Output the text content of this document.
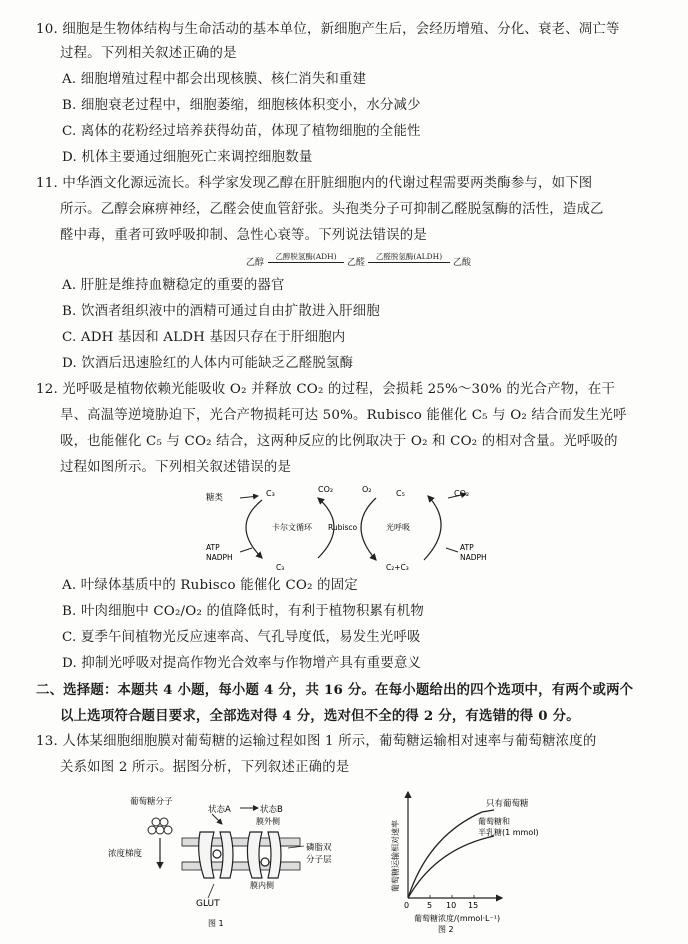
10. 细胞是生物体结构与生命活动的基本单位，新细胞产生后，会经历增殖、分化、衰老、凋亡等
过程。下列相关叙述正确的是
A. 细胞增殖过程中都会出现核膜、核仁消失和重建
B. 细胞衰老过程中，细胞萎缩，细胞核体积变小，水分减少
C. 离体的花粉经过培养获得幼苗，体现了植物细胞的全能性
D. 机体主要通过细胞死亡来调控细胞数量
11. 中华酒文化源远流长。科学家发现乙醇在肝脏细胞内的代谢过程需要两类酶参与，如下图
所示。乙醇会麻痹神经，乙醛会使血管舒张。头孢类分子可抑制乙醛脱氢酶的活性，造成乙
醛中毒，重者可致呼吸抑制、急性心衰等。下列说法错误的是
乙醇
乙醇脱氢酶(ADH)
乙醛
乙醛脱氢酶(ALDH)
乙酸
A. 肝脏是维持血糖稳定的重要的器官
B. 饮酒者组织液中的酒精可通过自由扩散进入肝细胞
C. ADH 基因和 ALDH 基因只存在于肝细胞内
D. 饮酒后迅速脸红的人体内可能缺乏乙醛脱氢酶
12. 光呼吸是植物依赖光能吸收 O₂ 并释放 CO₂ 的过程，会损耗 25%～30% 的光合产物，在干
旱、高温等逆境胁迫下，光合产物损耗可达 50%。Rubisco 能催化 C₅ 与 O₂ 结合而发生光呼
吸，也能催化 C₅ 与 CO₂ 结合，这两种反应的比例取决于 O₂ 和 CO₂ 的相对含量。光呼吸的
过程如图所示。下列相关叙述错误的是
糖类	C₃	CO₂	O₂	C₅	CO₂
卡尔文循环 Rubisco	光呼吸
ATP
NADPH
C₃	C₂+C₃
ATP
NADPH
A. 叶绿体基质中的 Rubisco 能催化 CO₂ 的固定
B. 叶肉细胞中 CO₂/O₂ 的值降低时，有利于植物积累有机物
C. 夏季午间植物光反应速率高、气孔导度低，易发生光呼吸
D. 抑制光呼吸对提高作物光合效率与作物增产具有重要意义
二、选择题：本题共 4 小题，每小题 4 分，共 16 分。在每小题给出的四个选项中，有两个或两个
以上选项符合题目要求，全部选对得 4 分，选对但不全的得 2 分，有选错的得 0 分。
13. 人体某细胞细胞膜对葡萄糖的运输过程如图 1 所示，葡萄糖运输相对速率与葡萄糖浓度的
关系如图 2 所示。据图分析，下列叙述正确的是
葡萄糖分子
状态A	状态B
膜外侧
浓度梯度
磷脂双
分子层
膜内侧
GLUT
图 1
0 5 10 15
葡萄糖运输相对速率
只有葡萄糖
葡萄糖和
半乳糖(1 mmol)
葡萄糖浓度/(mmol·L⁻¹)
图 2
